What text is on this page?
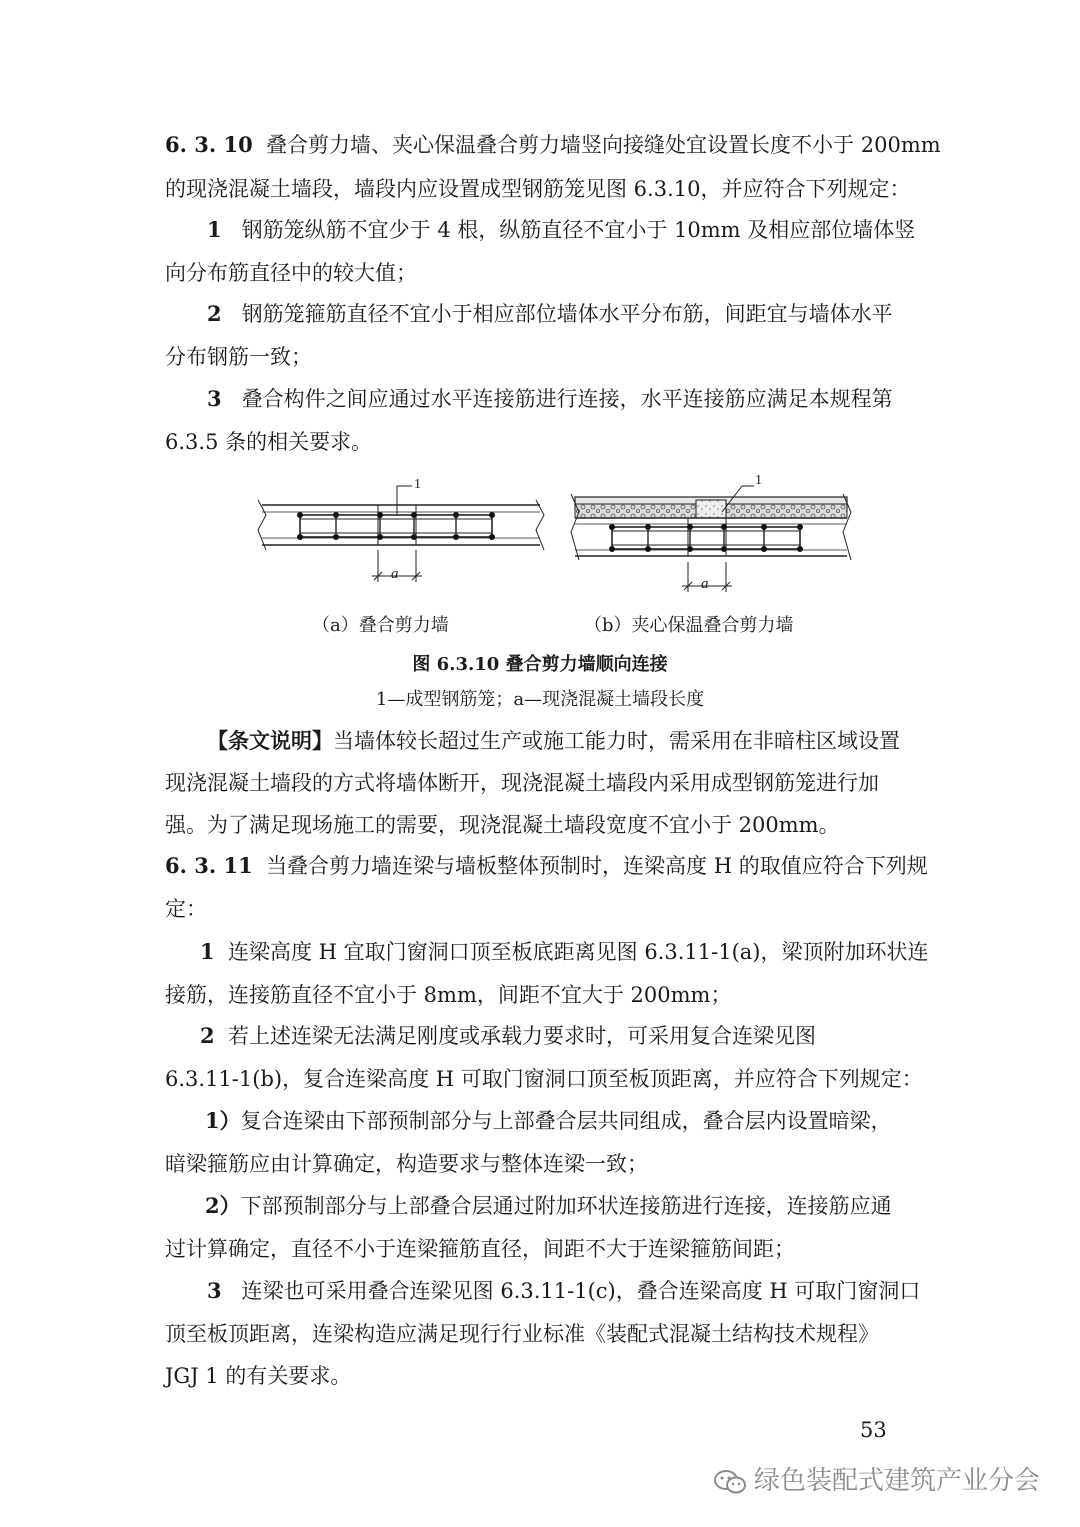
6. 3. 10 叠合剪力墙、夹心保温叠合剪力墙竖向接缝处宜设置长度不小于 200mm
的现浇混凝土墙段，墙段内应设置成型钢筋笼见图 6.3.10，并应符合下列规定：
1 钢筋笼纵筋不宜少于 4 根，纵筋直径不宜小于 10mm 及相应部位墙体竖
向分布筋直径中的较大值；
2 钢筋笼箍筋直径不宜小于相应部位墙体水平分布筋，间距宜与墙体水平
分布钢筋一致；
3 叠合构件之间应通过水平连接筋进行连接，水平连接筋应满足本规程第
6.3.5 条的相关要求。
1	1
a
a
（a）叠合剪力墙	（b）夹心保温叠合剪力墙
图 6.3.10 叠合剪力墙顺向连接
1—成型钢筋笼；a—现浇混凝土墙段长度
【条文说明】当墙体较长超过生产或施工能力时，需采用在非暗柱区域设置
现浇混凝土墙段的方式将墙体断开，现浇混凝土墙段内采用成型钢筋笼进行加
强。为了满足现场施工的需要，现浇混凝土墙段宽度不宜小于 200mm。
6. 3. 11 当叠合剪力墙连梁与墙板整体预制时，连梁高度 H 的取值应符合下列规
定：
1 连梁高度 H 宜取门窗洞口顶至板底距离见图 6.3.11-1(a)，梁顶附加环状连
接筋，连接筋直径不宜小于 8mm，间距不宜大于 200mm；
2 若上述连梁无法满足刚度或承载力要求时，可采用复合连梁见图
6.3.11-1(b)，复合连梁高度 H 可取门窗洞口顶至板顶距离，并应符合下列规定：
1）复合连梁由下部预制部分与上部叠合层共同组成，叠合层内设置暗梁，
暗梁箍筋应由计算确定，构造要求与整体连梁一致；
2）下部预制部分与上部叠合层通过附加环状连接筋进行连接，连接筋应通
过计算确定，直径不小于连梁箍筋直径，间距不大于连梁箍筋间距；
3 连梁也可采用叠合连梁见图 6.3.11-1(c)，叠合连梁高度 H 可取门窗洞口
顶至板顶距离，连梁构造应满足现行行业标准《装配式混凝土结构技术规程》
JGJ 1 的有关要求。
53
绿色装配式建筑产业分会
